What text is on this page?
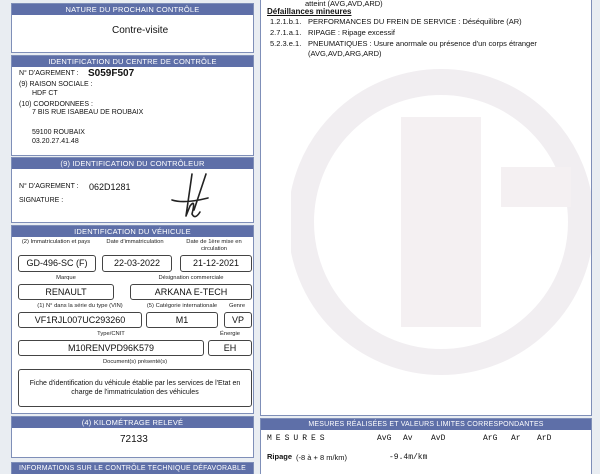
NATURE DU PROCHAIN CONTRÔLE
Contre-visite
IDENTIFICATION DU CENTRE DE CONTRÔLE
N° D'AGREMENT : S059F507
(9) RAISON SOCIALE :
HDF CT
(10) COORDONNEES :
7 BIS RUE ISABEAU DE ROUBAIX
59100 ROUBAIX
03.20.27.41.48
(9) IDENTIFICATION DU CONTRÔLEUR
N° D'AGREMENT : 062D1281
SIGNATURE :
IDENTIFICATION DU VÉHICULE
(2) Immatriculation et pays	Date d'immatriculation	Date de 1ère mise en circulation
GD-496-SC (F)	22-03-2022	21-12-2021
Marque	Désignation commerciale
RENAULT	ARKANA E-TECH
(1) N° dans la série du type (VIN)	(5) Catégorie internationale	Genre
VF1RJL007UC293260	M1	VP
Type/CNIT	Énergie
M10RENVPD96K579	EH
Document(s) présenté(s)
Fiche d'identification du véhicule établie par les services de l'Etat en charge de l'immatriculation des véhicules
(4) KILOMÉTRAGE RELEVÉ
72133
INFORMATIONS SUR LE CONTRÔLE TECHNIQUE DÉFAVORABLE
atteint (AVG,AVD,ARD)
Défaillances mineures
1.2.1.b.1. PERFORMANCES DU FREIN DE SERVICE : Déséquilibre (AR)
2.7.1.a.1. RIPAGE : Ripage excessif
5.2.3.e.1. PNEUMATIQUES : Usure anormale ou présence d'un corps étranger
(AVG,AVD,ARG,ARD)
MESURES RÉALISÉES ET VALEURS LIMITES CORRESPONDANTES
MESURES	AvG Av AvD	ArG Ar ArD
Ripage (-8 à + 8 m/km)	-9.4m/km
